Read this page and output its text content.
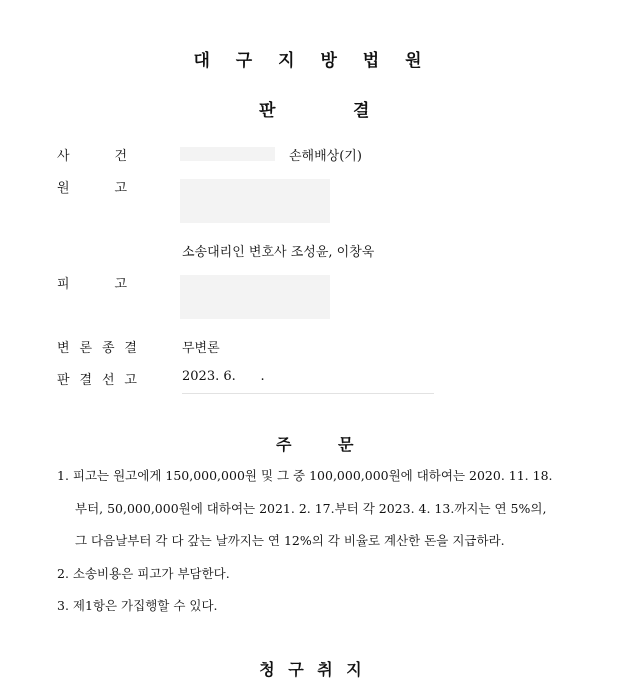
대 구 지 방 법 원
판	결
사	건	손해배상(기)
원	고
소송대리인 변호사 조성윤, 이창욱
피	고
변 론 종 결	무변론
판 결 선 고	2023. 6.      .
주	문
1. 피고는 원고에게 150,000,000원 및 그 중 100,000,000원에 대하여는 2020. 11. 18.
부터, 50,000,000원에 대하여는 2021. 2. 17.부터 각 2023. 4. 13.까지는 연 5%의,
그 다음날부터 각 다 갚는 날까지는 연 12%의 각 비율로 계산한 돈을 지급하라.
2. 소송비용은 피고가 부담한다.
3. 제1항은 가집행할 수 있다.
청 구 취 지
